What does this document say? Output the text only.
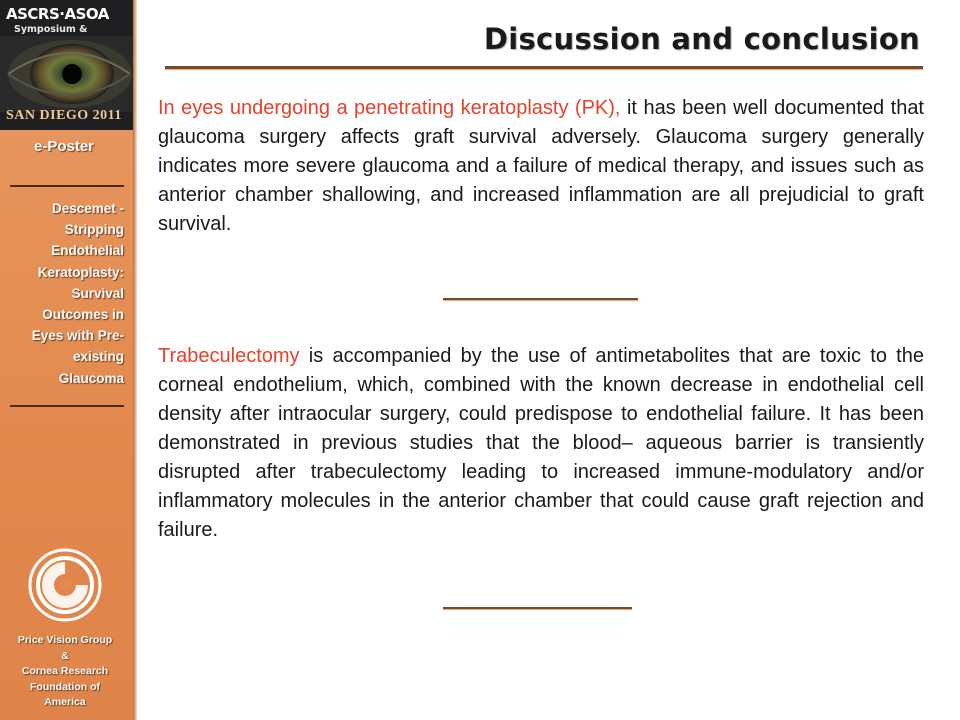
ASCRS·ASOA
Symposium &
SAN DIEGO 2011
e-Poster
Descemet -
Stripping
Endothelial
Keratoplasty:
Survival
Outcomes in
Eyes with Pre-
existing
Glaucoma
Price Vision Group
&
Cornea Research
Foundation of
America
Discussion and conclusion
In eyes undergoing a penetrating keratoplasty (PK), it has been well documented that glaucoma surgery affects graft survival adversely. Glaucoma surgery generally indicates more severe glaucoma and a failure of medical therapy, and issues such as anterior chamber shallowing, and increased inflammation are all prejudicial to graft survival.
Trabeculectomy is accompanied by the use of antimetabolites that are toxic to the corneal endothelium, which, combined with the known decrease in endothelial cell density after intraocular surgery, could predispose to endothelial failure. It has been demonstrated in previous studies that the blood– aqueous barrier is transiently disrupted after trabeculectomy leading to increased immune-modulatory and/or inflammatory molecules in the anterior chamber that could cause graft rejection and failure.
